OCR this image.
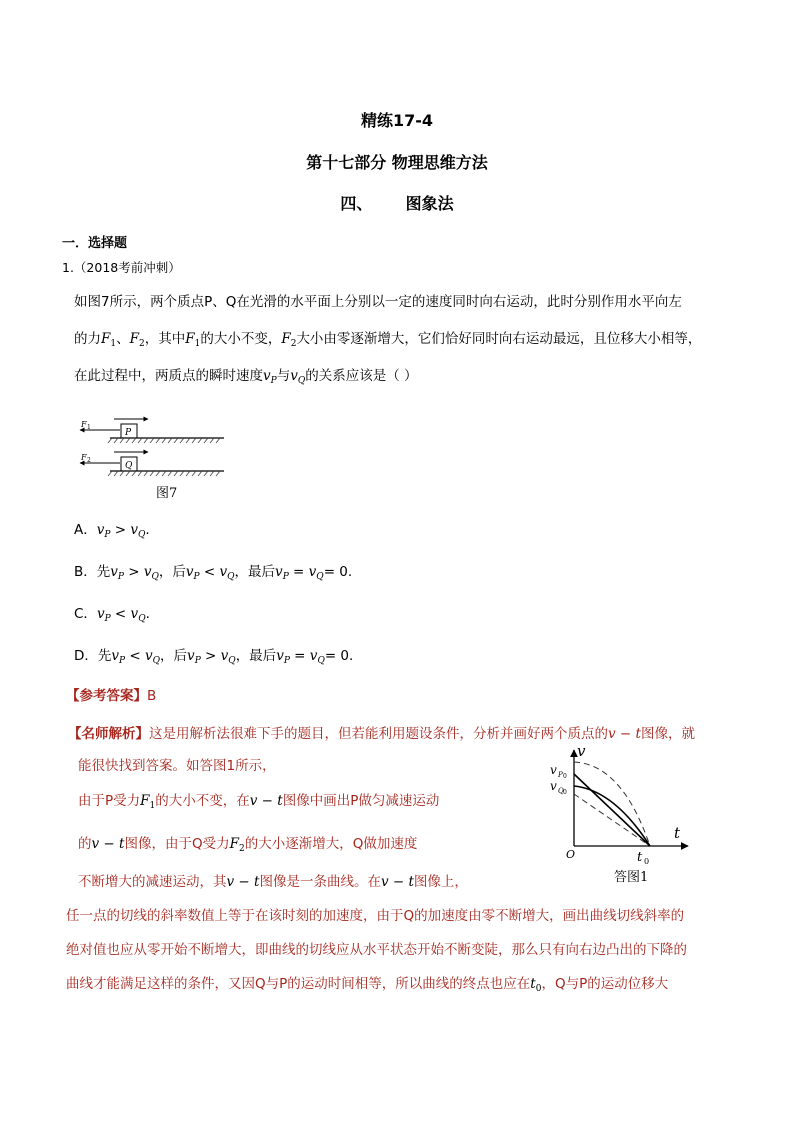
精练17-4
第十七部分 物理思维方法
四、 图象法
一．选择题
1.（2018考前冲刺）
如图7所示，两个质点P、Q在光滑的水平面上分别以一定的速度同时向右运动，此时分别作用水平向左
的力$F_1$、$F_2$，其中$F_1$的大小不变，$F_2$大小由零逐渐增大，它们恰好同时向右运动最远，且位移大小相等，
在此过程中，两质点的瞬时速度$v_P$与$v_Q$的关系应该是（ ）
F 1
P
F 2
Q
图7
A．$v_P > v_Q$.
B．先$v_P > v_Q$，后$v_P < v_Q$，最后$v_P = v_Q= 0$.
C．$v_P < v_Q$.
D．先$v_P < v_Q$，后$v_P > v_Q$，最后$v_P = v_Q= 0$.
【参考答案】B
【名师解析】这是用解析法很难下手的题目，但若能利用题设条件，分析并画好两个质点的v − t图像，就
能很快找到答案。如答图1所示，
由于P受力$F_1$的大小不变，在v − t图像中画出P做匀减速运动
的v − t图像，由于Q受力$F_2$的大小逐渐增大，Q做加速度
不断增大的减速运动，其v − t图像是一条曲线。在v − t图像上，
任一点的切线的斜率数值上等于在该时刻的加速度，由于Q的加速度由零不断增大，画出曲线切线斜率的
绝对值也应从零开始不断增大，即曲线的切线应从水平状态开始不断变陡，那么只有向右边凸出的下降的
曲线才能满足这样的条件，又因Q与P的运动时间相等，所以曲线的终点也应在$t_0$，Q与P的运动位移大
v
t
O
v P 0
v Q 0
t 0
答图1
